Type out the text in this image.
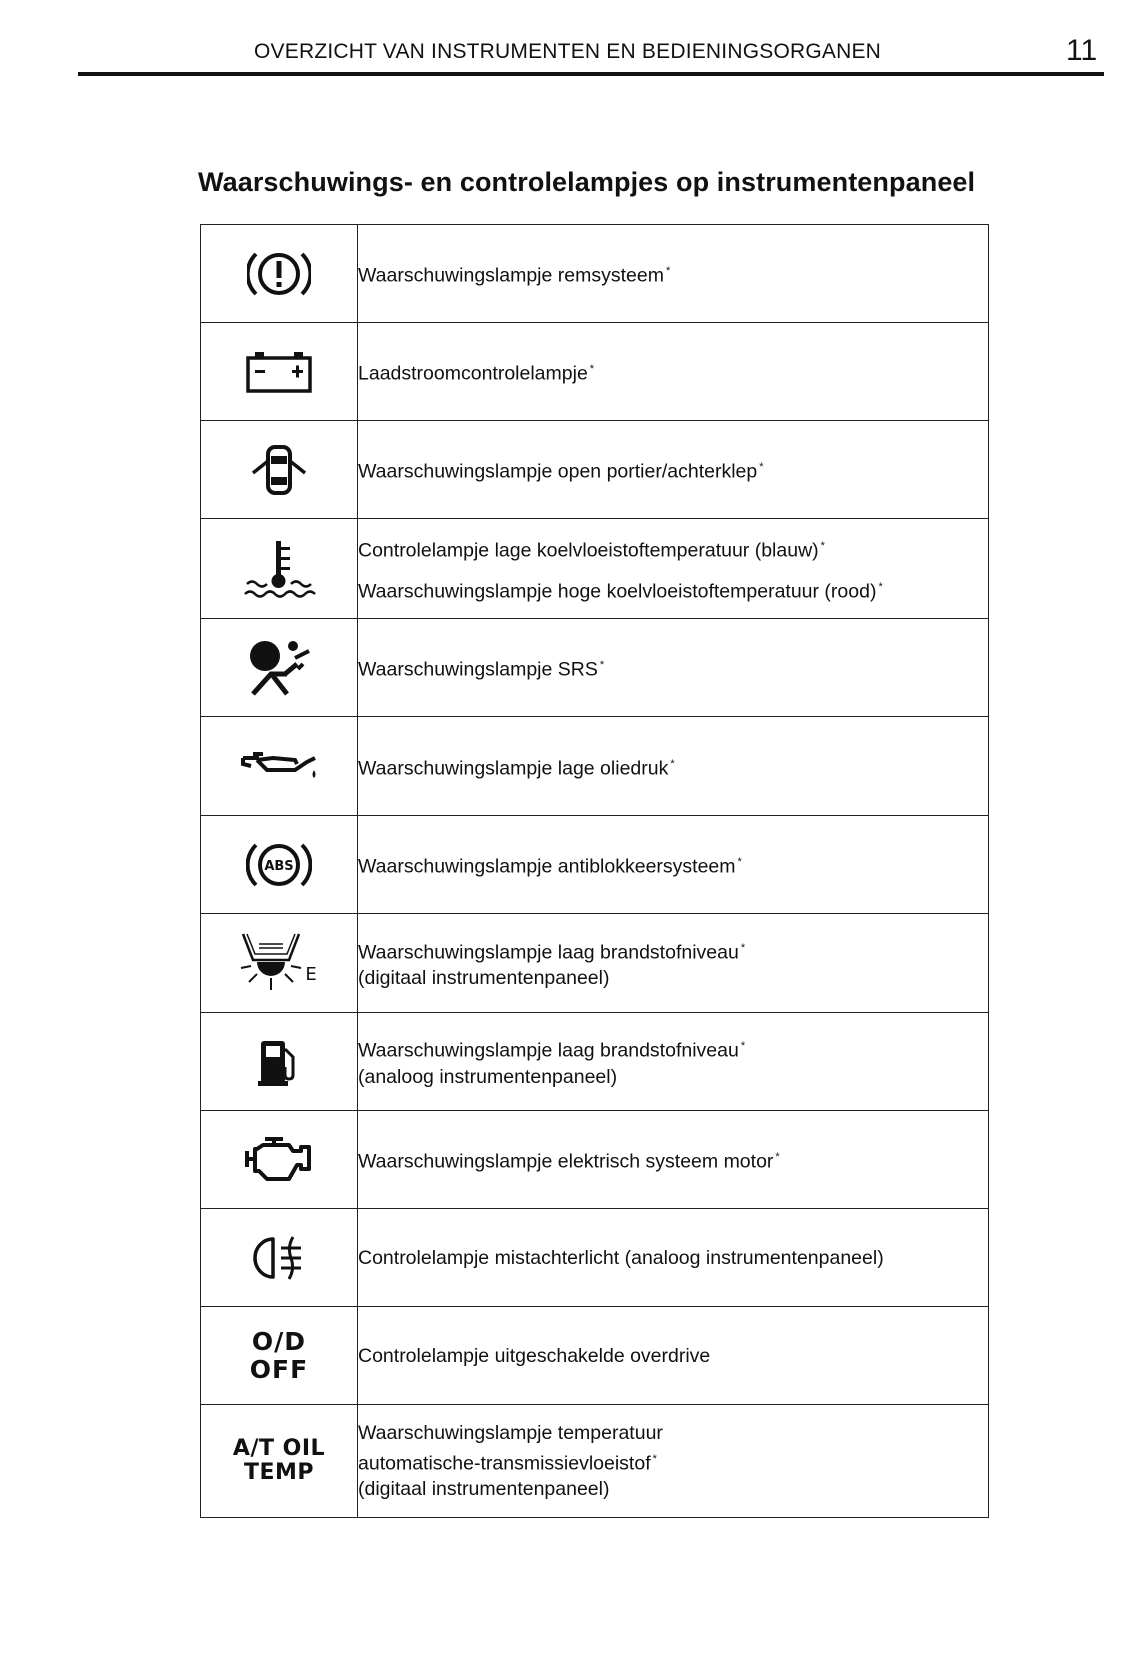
OVERZICHT VAN INSTRUMENTEN EN BEDIENINGSORGANEN	11
Waarschuwings- en controlelampjes op instrumentenpaneel
	Waarschuwingslampje remsysteem *

	Laadstroomcontrolelampje *

	Waarschuwingslampje open portier/achterklep *

Controlelampje lage koelvloeistoftemperatuur (blauw) *
Waarschuwingslampje hoge koelvloeistoftemperatuur (rood) *

	Waarschuwingslampje SRS *

	Waarschuwingslampje lage oliedruk *

ABS	Waarschuwingslampje antiblokkeersysteem *

E	Waarschuwingslampje laag brandstofniveau *
(digitaal instrumentenpaneel)

Waarschuwingslampje laag brandstofniveau *
(analoog instrumentenpaneel)

	Waarschuwingslampje elektrisch systeem motor *

	Controlelampje mistachterlicht (analoog instrumentenpaneel)

O/D
OFF	Controlelampje uitgeschakelde overdrive

A/T OIL
TEMP	Waarschuwingslampje temperatuur
automatische-transmissievloeistof *
(digitaal instrumentenpaneel)
